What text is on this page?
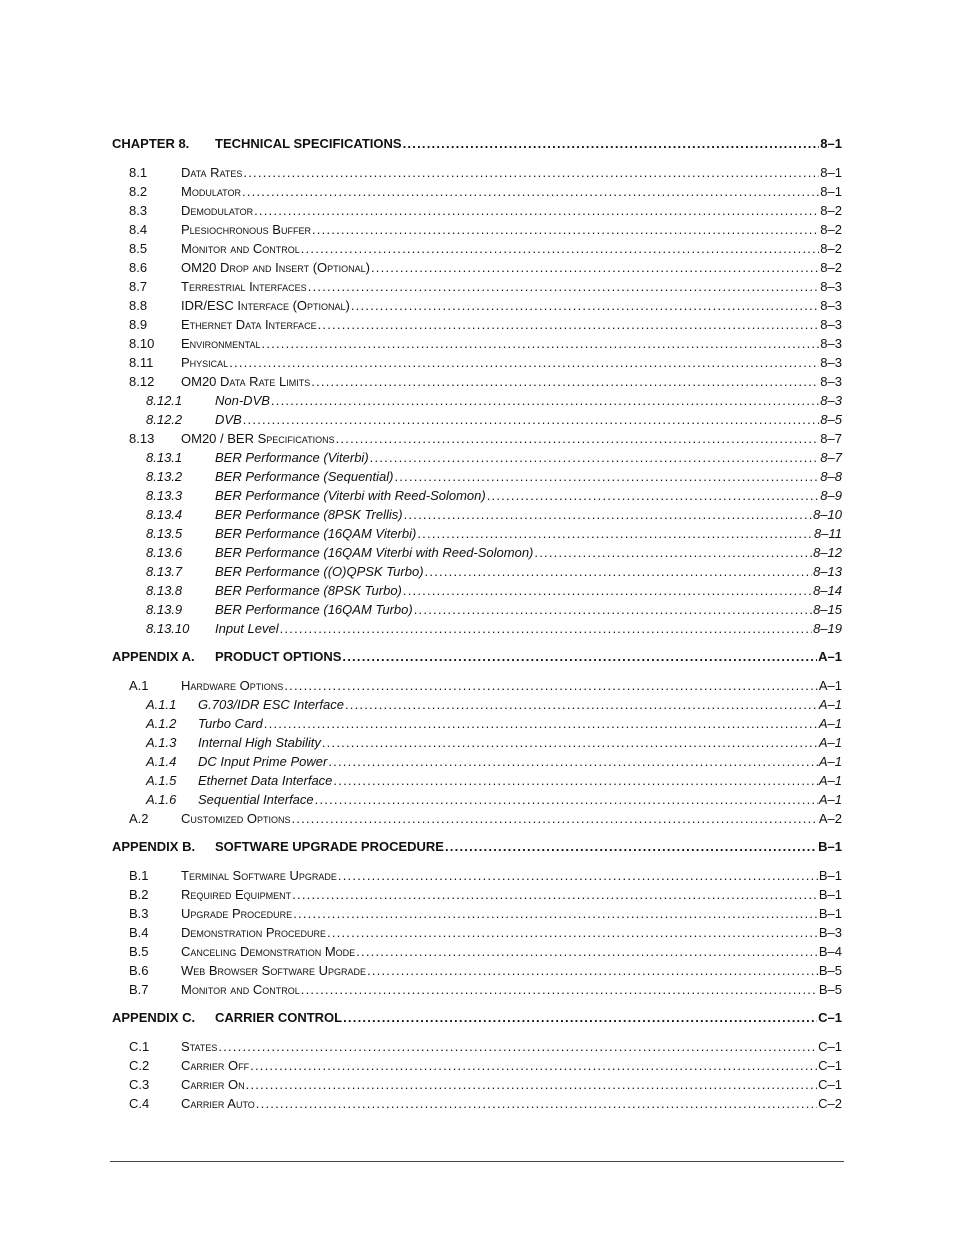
CHAPTER 8.	TECHNICAL SPECIFICATIONS . . .	8–1
8.1	Data Rates . . .	8–1
8.2	Modulator . . .	8–1
8.3	Demodulator . . .	8–2
8.4	Plesiochronous Buffer . . .	8–2
8.5	Monitor and Control . . .	8–2
8.6	OM20 Drop and Insert (Optional) . . .	8–2
8.7	Terrestrial Interfaces . . .	8–3
8.8	IDR/ESC Interface (Optional) . . .	8–3
8.9	Ethernet Data Interface . . .	8–3
8.10	Environmental . . .	8–3
8.11	Physical . . .	8–3
8.12	OM20 Data Rate Limits . . .	8–3
8.12.1	Non-DVB . . .	8–3
8.12.2	DVB . . .	8–5
8.13	OM20 / BER Specifications . . .	8–7
8.13.1	BER Performance (Viterbi) . . .	8–7
8.13.2	BER Performance (Sequential) . . .	8–8
8.13.3	BER Performance (Viterbi with Reed-Solomon) . . .	8–9
8.13.4	BER Performance (8PSK Trellis) . . .	8–10
8.13.5	BER Performance (16QAM Viterbi) . . .	8–11
8.13.6	BER Performance (16QAM Viterbi with Reed-Solomon) . . .	8–12
8.13.7	BER Performance ((O)QPSK Turbo) . . .	8–13
8.13.8	BER Performance (8PSK Turbo) . . .	8–14
8.13.9	BER Performance (16QAM Turbo) . . .	8–15
8.13.10	Input Level . . .	8–19
APPENDIX A.	PRODUCT OPTIONS . . .	A–1
A.1	Hardware Options . . .	A–1
A.1.1	G.703/IDR ESC Interface . . .	A–1
A.1.2	Turbo Card . . .	A–1
A.1.3	Internal High Stability . . .	A–1
A.1.4	DC Input Prime Power . . .	A–1
A.1.5	Ethernet Data Interface . . .	A–1
A.1.6	Sequential Interface . . .	A–1
A.2	Customized Options . . .	A–2
APPENDIX B.	SOFTWARE UPGRADE PROCEDURE . . .	B–1
B.1	Terminal Software Upgrade . . .	B–1
B.2	Required Equipment . . .	B–1
B.3	Upgrade Procedure . . .	B–1
B.4	Demonstration Procedure . . .	B–3
B.5	Canceling Demonstration Mode . . .	B–4
B.6	Web Browser Software Upgrade . . .	B–5
B.7	Monitor and Control . . .	B–5
APPENDIX C.	CARRIER CONTROL . . .	C–1
C.1	States . . .	C–1
C.2	Carrier Off . . .	C–1
C.3	Carrier On . . .	C–1
C.4	Carrier Auto . . .	C–2
